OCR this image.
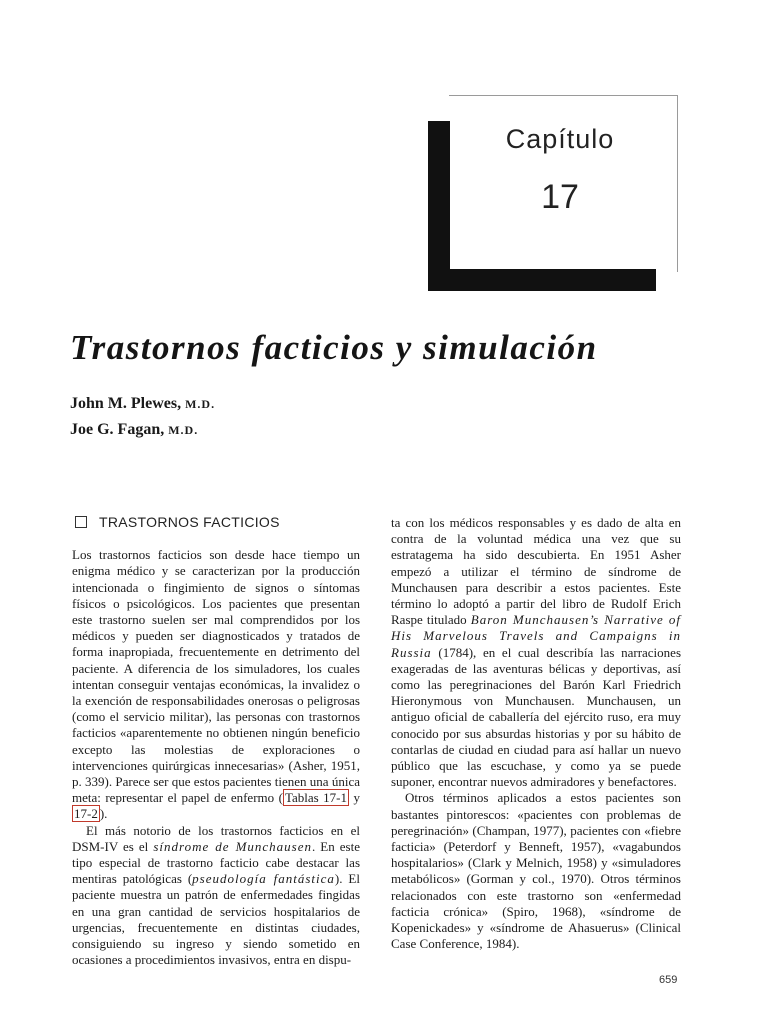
Capítulo
17
Trastornos facticios y simulación
John M. Plewes, M.D.
Joe G. Fagan, M.D.
TRASTORNOS FACTICIOS

Los trastornos facticios son desde hace tiempo un enigma médico y se caracterizan por la producción intencionada o fingimiento de signos o síntomas físicos o psicológicos. Los pacientes que presentan este trastorno suelen ser mal comprendidos por los médicos y pueden ser diagnosticados y tratados de forma inapropiada, frecuentemente en detrimento del paciente. A diferencia de los simuladores, los cuales intentan conseguir ventajas económicas, la invalidez o la exención de responsabilidades onerosas o peligrosas (como el servicio militar), las personas con trastornos facticios «aparentemente no obtienen ningún beneficio excepto las molestias de exploraciones o intervenciones quirúrgicas innecesarias» (Asher, 1951, p. 339). Parece ser que estos pacientes tienen una única meta: representar el papel de enfermo ( Tablas 17-1 y 17-2 ).

El más notorio de los trastornos facticios en el DSM-IV es el síndrome de Munchausen. En este tipo especial de trastorno facticio cabe destacar las mentiras patológicas (pseudología fantástica). El paciente muestra un patrón de enfermedades fingidas en una gran cantidad de servicios hospitalarios de urgencias, frecuentemente en distintas ciudades, consiguiendo su ingreso y siendo sometido en ocasiones a procedimientos invasivos, entra en dispu-

ta con los médicos responsables y es dado de alta en contra de la voluntad médica una vez que su estratagema ha sido descubierta. En 1951 Asher empezó a utilizar el término de síndrome de Munchausen para describir a estos pacientes. Este término lo adoptó a partir del libro de Rudolf Erich Raspe titulado Baron Munchausen’s Narrative of His Marvelous Travels and Campaigns in Russia (1784), en el cual describía las narraciones exageradas de las aventuras bélicas y deportivas, así como las peregrinaciones del Barón Karl Friedrich Hieronymous von Munchausen. Munchausen, un antiguo oficial de caballería del ejército ruso, era muy conocido por sus absurdas historias y por su hábito de contarlas de ciudad en ciudad para así hallar un nuevo público que las escuchase, y como ya se puede suponer, encontrar nuevos admiradores y benefactores.

Otros términos aplicados a estos pacientes son bastantes pintorescos: «pacientes con problemas de peregrinación» (Champan, 1977), pacientes con «fiebre facticia» (Peterdorf y Benneft, 1957), «vagabundos hospitalarios» (Clark y Melnich, 1958) y «simuladores metabólicos» (Gorman y col., 1970). Otros términos relacionados con este trastorno son «enfermedad facticia crónica» (Spiro, 1968), «síndrome de Kopenickades» y «síndrome de Ahasuerus» (Clinical Case Conference, 1984).

659
